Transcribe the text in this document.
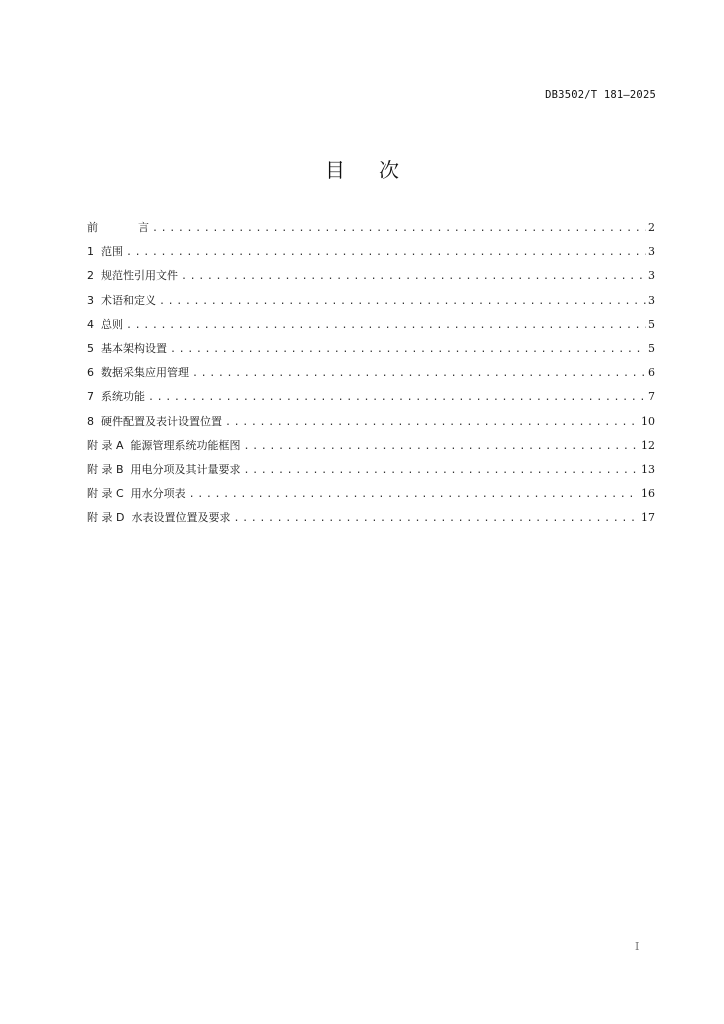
DB3502/T 181—2025
目 次
前	言 .....	2
1  范围 .....	3
2  规范性引用文件 .....	3
3  术语和定义 .....	3
4  总则 .....	5
5  基本架构设置 .....	5
6  数据采集应用管理 .....	6
7  系统功能 .....	7
8  硬件配置及表计设置位置 .....	10
附 录 A  能源管理系统功能框图 .....	12
附 录 B  用电分项及其计量要求 .....	13
附 录 C  用水分项表 .....	16
附 录 D  水表设置位置及要求 .....	17
I
